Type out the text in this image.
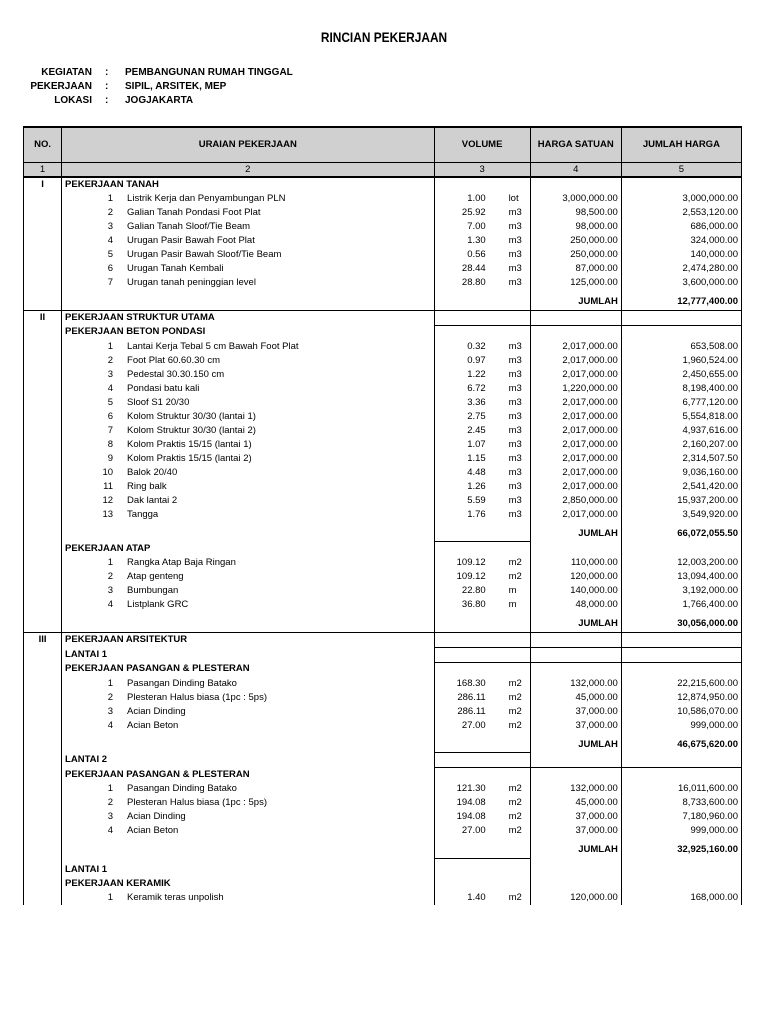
RINCIAN PEKERJAAN
KEGIATAN : PEMBANGUNAN RUMAH TINGGAL
PEKERJAAN : SIPIL, ARSITEK, MEP
LOKASI : JOGJAKARTA
NO.	URAIAN PEKERJAAN	VOLUME	HARGA SATUAN	JUMLAH HARGA
1	2	3	4	5
I	PEKERJAAN TANAH			

	1 Listrik Kerja dan Penyambungan PLN	1.00 lot	3,000,000.00	3,000,000.00

	2 Galian Tanah Pondasi Foot Plat	25.92 m3	98,500.00	2,553,120.00

	3 Galian Tanah Sloof/Tie Beam	7.00 m3	98,000.00	686,000.00

	4 Urugan Pasir Bawah Foot Plat	1.30 m3	250,000.00	324,000.00

	5 Urugan Pasir Bawah Sloof/Tie Beam	0.56 m3	250,000.00	140,000.00

	6 Urugan Tanah Kembali	28.44 m3	87,000.00	2,474,280.00

	7 Urugan tanah peninggian level	28.80 m3	125,000.00	3,600,000.00

			JUMLAH	12,777,400.00
II	PEKERJAAN STRUKTUR UTAMA			
	PEKERJAAN BETON PONDASI			

	1 Lantai Kerja Tebal 5 cm Bawah Foot Plat	0.32 m3	2,017,000.00	653,508.00

	2 Foot Plat 60.60.30 cm	0.97 m3	2,017,000.00	1,960,524.00

	3 Pedestal 30.30.150 cm	1.22 m3	2,017,000.00	2,450,655.00

	4 Pondasi batu kali	6.72 m3	1,220,000.00	8,198,400.00

	5 Sloof S1 20/30	3.36 m3	2,017,000.00	6,777,120.00

	6 Kolom Struktur 30/30 (lantai 1)	2.75 m3	2,017,000.00	5,554,818.00

	7 Kolom Struktur 30/30 (lantai 2)	2.45 m3	2,017,000.00	4,937,616.00

	8 Kolom Praktis 15/15 (lantai 1)	1.07 m3	2,017,000.00	2,160,207.00

	9 Kolom Praktis 15/15 (lantai 2)	1.15 m3	2,017,000.00	2,314,507.50

	10 Balok 20/40	4.48 m3	2,017,000.00	9,036,160.00

	11 Ring balk	1.26 m3	2,017,000.00	2,541,420.00

	12 Dak lantai 2	5.59 m3	2,850,000.00	15,937,200.00

	13 Tangga	1.76 m3	2,017,000.00	3,549,920.00

			JUMLAH	66,072,055.50
	PEKERJAAN ATAP			

	1 Rangka Atap Baja Ringan	109.12 m2	110,000.00	12,003,200.00

	2 Atap genteng	109.12 m2	120,000.00	13,094,400.00

	3 Bumbungan	22.80 m	140,000.00	3,192,000.00

	4 Listplank GRC	36.80 m	48,000.00	1,766,400.00

			JUMLAH	30,056,000.00
III	PEKERJAAN ARSITEKTUR			
	LANTAI 1			
	PEKERJAAN PASANGAN & PLESTERAN			

	1 Pasangan Dinding Batako	168.30 m2	132,000.00	22,215,600.00

	2 Plesteran Halus biasa (1pc : 5ps)	286.11 m2	45,000.00	12,874,950.00

	3 Acian Dinding	286.11 m2	37,000.00	10,586,070.00

	4 Acian Beton	27.00 m2	37,000.00	999,000.00

			JUMLAH	46,675,620.00
	LANTAI 2			
	PEKERJAAN PASANGAN & PLESTERAN			

	1 Pasangan Dinding Batako	121.30 m2	132,000.00	16,011,600.00

	2 Plesteran Halus biasa (1pc : 5ps)	194.08 m2	45,000.00	8,733,600.00

	3 Acian Dinding	194.08 m2	37,000.00	7,180,960.00

	4 Acian Beton	27.00 m2	37,000.00	999,000.00

			JUMLAH	32,925,160.00

	LANTAI 1			
	PEKERJAAN KERAMIK			

	1 Keramik teras unpolish	1.40 m2	120,000.00	168,000.00
